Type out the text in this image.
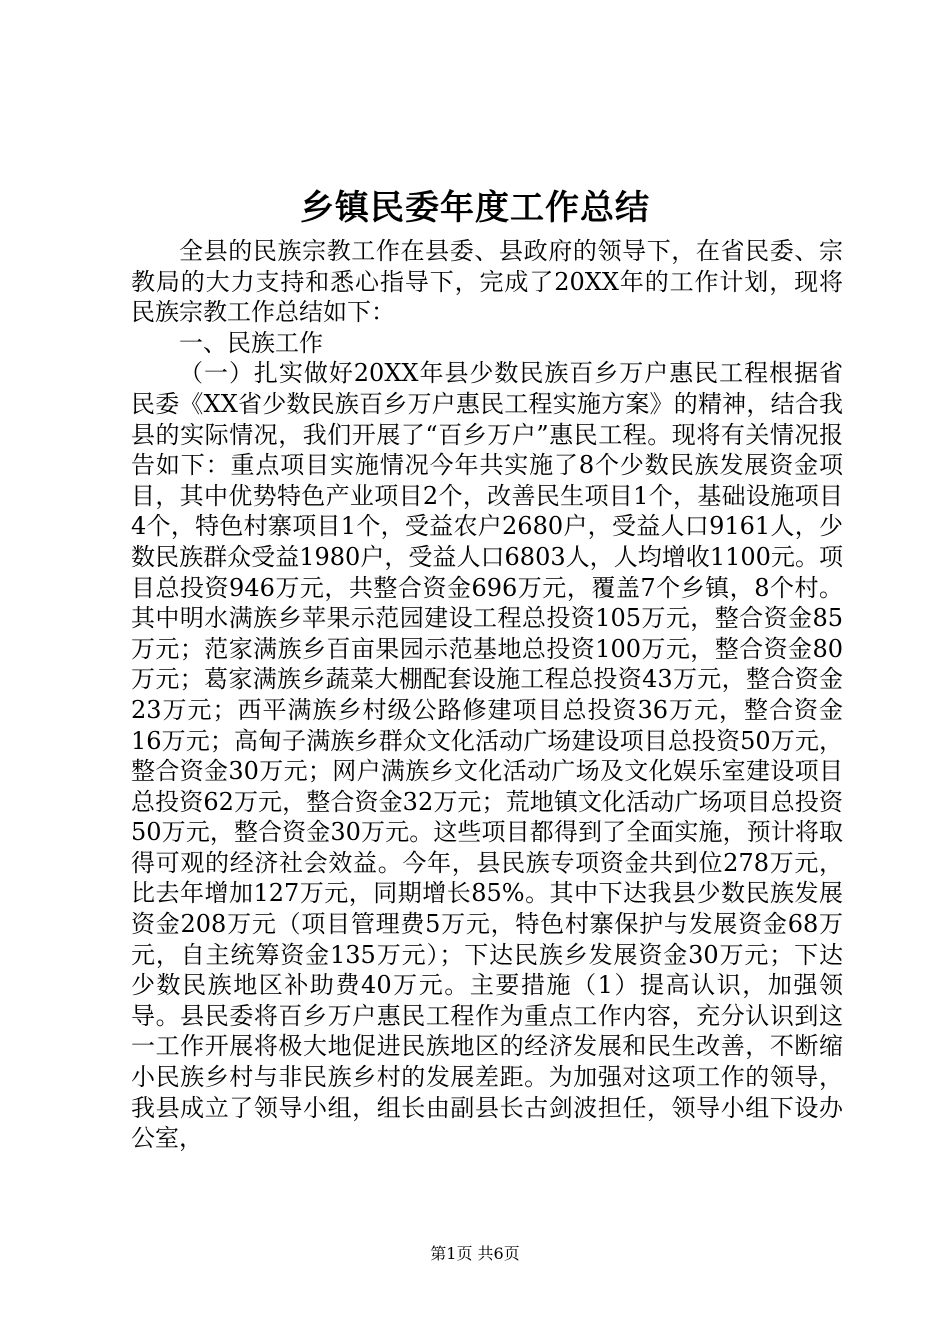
乡镇民委年度工作总结

全县的民族宗教工作在县委、县政府的领导下，在省民委、宗教局的大力支持和悉心指导下，完成了20XX年的工作计划，现将民族宗教工作总结如下：

一、民族工作

（一）扎实做好20XX年县少数民族百乡万户惠民工程根据省民委《XX省少数民族百乡万户惠民工程实施方案》的精神，结合我县的实际情况，我们开展了“百乡万户”惠民工程。现将有关情况报告如下：重点项目实施情况今年共实施了8个少数民族发展资金项目，其中优势特色产业项目2个，改善民生项目1个，基础设施项目4个，特色村寨项目1个，受益农户2680户，受益人口9161人，少数民族群众受益1980户，受益人口6803人，人均增收1100元。项目总投资946万元，共整合资金696万元，覆盖7个乡镇，8个村。其中明水满族乡苹果示范园建设工程总投资105万元，整合资金85万元；范家满族乡百亩果园示范基地总投资100万元，整合资金80万元；葛家满族乡蔬菜大棚配套设施工程总投资43万元，整合资金23万元；西平满族乡村级公路修建项目总投资36万元，整合资金16万元；高甸子满族乡群众文化活动广场建设项目总投资50万元，整合资金30万元；网户满族乡文化活动广场及文化娱乐室建设项目总投资62万元，整合资金32万元；荒地镇文化活动广场项目总投资50万元，整合资金30万元。这些项目都得到了全面实施，预计将取得可观的经济社会效益。今年，县民族专项资金共到位278万元，比去年增加127万元，同期增长85%。其中下达我县少数民族发展资金208万元（项目管理费5万元，特色村寨保护与发展资金68万元，自主统筹资金135万元）；下达民族乡发展资金30万元；下达少数民族地区补助费40万元。主要措施（1）提高认识，加强领导。县民委将百乡万户惠民工程作为重点工作内容，充分认识到这一工作开展将极大地促进民族地区的经济发展和民生改善，不断缩小民族乡村与非民族乡村的发展差距。为加强对这项工作的领导，我县成立了领导小组，组长由副县长古剑波担任，领导小组下设办公室，

第1页 共6页
